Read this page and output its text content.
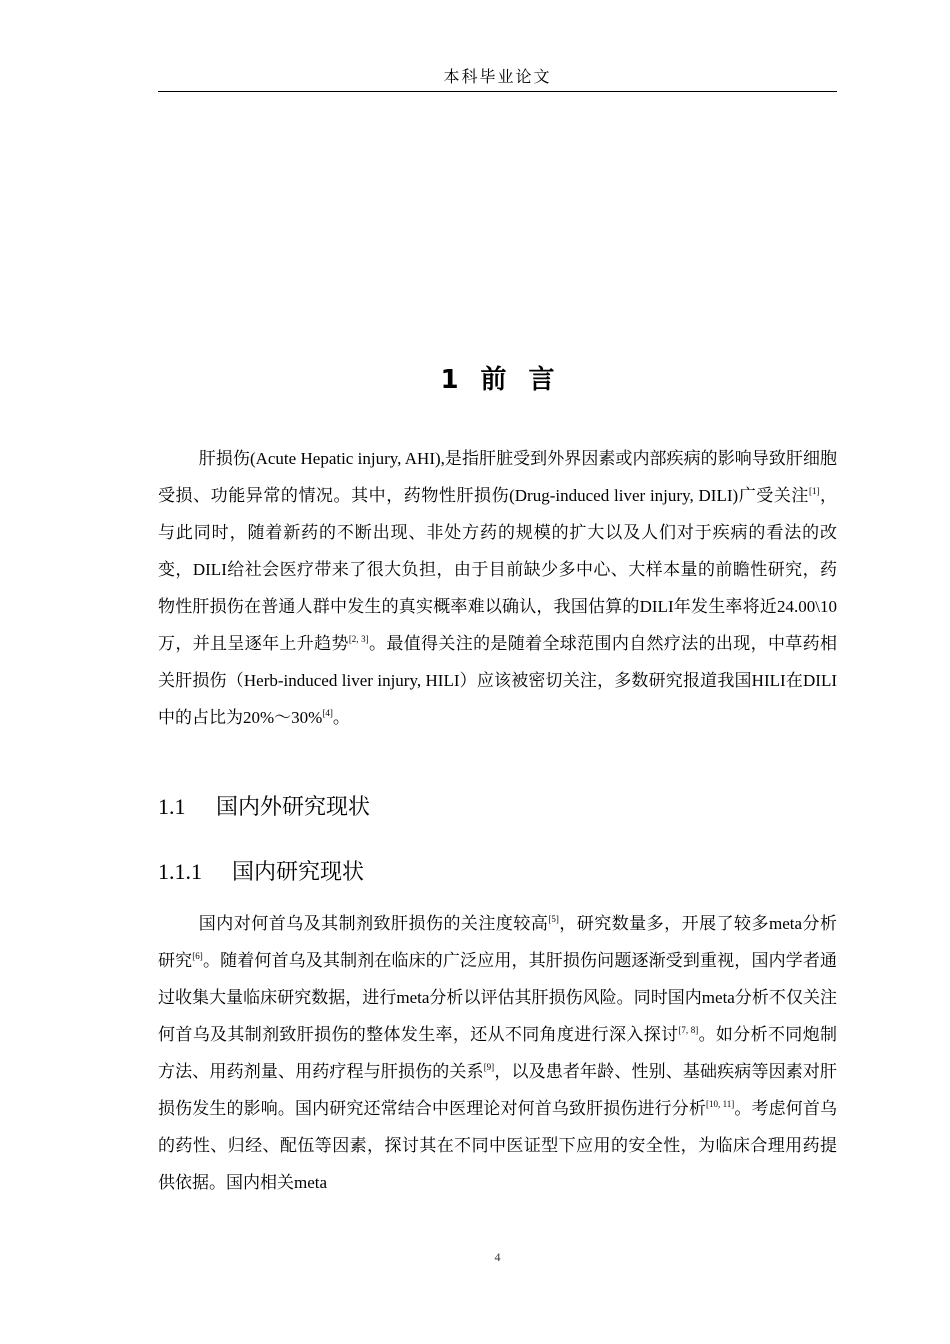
本科毕业论文
1 前 言

肝损伤(Acute Hepatic injury, AHI),是指肝脏受到外界因素或内部疾病的影响导致肝细胞受损、功能异常的情况。其中，药物性肝损伤(Drug-induced liver injury, DILI)广受关注[1]，与此同时，随着新药的不断出现、非处方药的规模的扩大以及人们对于疾病的看法的改变，DILI给社会医疗带来了很大负担，由于目前缺少多中心、大样本量的前瞻性研究，药物性肝损伤在普通人群中发生的真实概率难以确认，我国估算的DILI年发生率将近24.00\10万，并且呈逐年上升趋势[2, 3]。最值得关注的是随着全球范围内自然疗法的出现，中草药相关肝损伤（Herb-induced liver injury, HILI）应该被密切关注，多数研究报道我国HILI在DILI中的占比为20%～30%[4]。

1.1 国内外研究现状
1.1.1 国内研究现状

国内对何首乌及其制剂致肝损伤的关注度较高[5]，研究数量多，开展了较多meta分析研究[6]。随着何首乌及其制剂在临床的广泛应用，其肝损伤问题逐渐受到重视，国内学者通过收集大量临床研究数据，进行meta分析以评估其肝损伤风险。同时国内meta分析不仅关注何首乌及其制剂致肝损伤的整体发生率，还从不同角度进行深入探讨[7, 8]。如分析不同炮制方法、用药剂量、用药疗程与肝损伤的关系[9]，以及患者年龄、性别、基础疾病等因素对肝损伤发生的影响。国内研究还常结合中医理论对何首乌致肝损伤进行分析[10, 11]。考虑何首乌的药性、归经、配伍等因素，探讨其在不同中医证型下应用的安全性，为临床合理用药提供依据。国内相关meta

4
